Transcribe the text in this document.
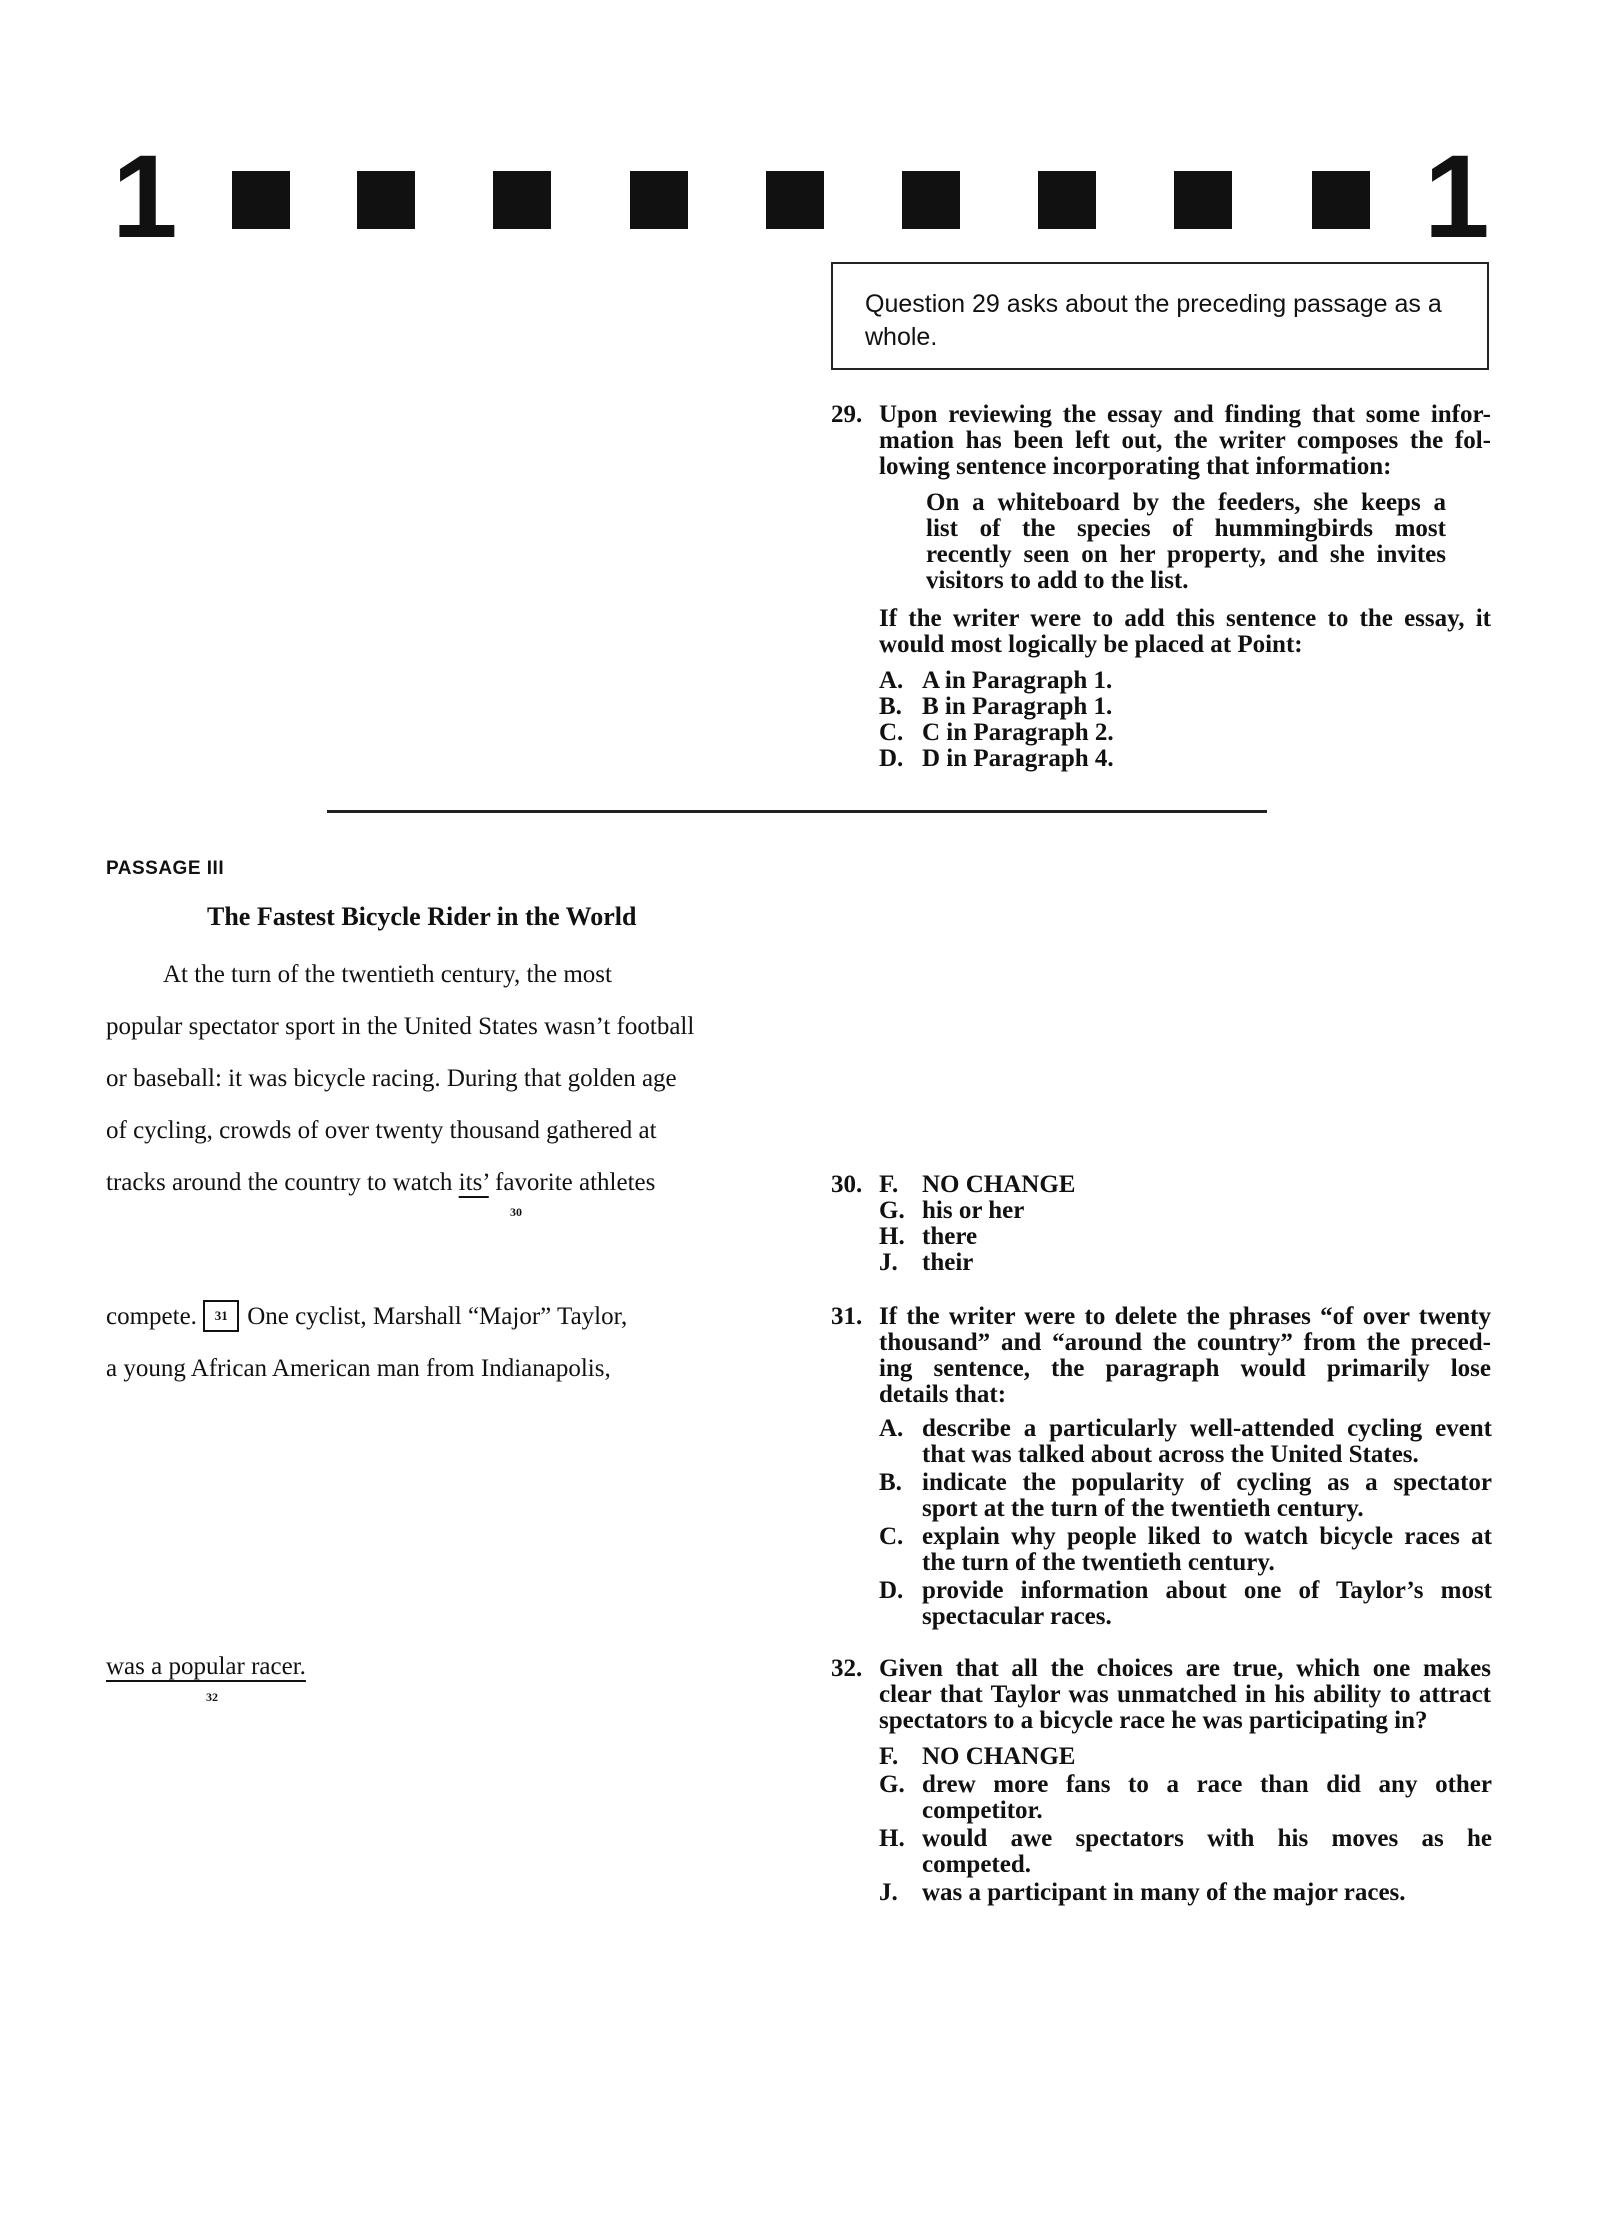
1	1
Question 29 asks about the preceding passage as a whole.
29. Upon reviewing the essay and finding that some infor-
mation has been left out, the writer composes the fol-
lowing sentence incorporating that information:
On a whiteboard by the feeders, she keeps a
list of the species of hummingbirds most
recently seen on her property, and she invites
visitors to add to the list.
If the writer were to add this sentence to the essay, it
would most logically be placed at Point:
A. A in Paragraph 1.
B. B in Paragraph 1.
C. C in Paragraph 2.
D. D in Paragraph 4.
PASSAGE III
The Fastest Bicycle Rider in the World
At the turn of the twentieth century, the most
popular spectator sport in the United States wasn’t football
or baseball: it was bicycle racing. During that golden age
of cycling, crowds of over twenty thousand gathered at
tracks around the country to watch its’ favorite athletes
30
compete. 31 One cyclist, Marshall “Major” Taylor,
a young African American man from Indianapolis,
was a popular racer.
32
30. F. NO CHANGE
G. his or her
H. there
J. their
31. If the writer were to delete the phrases “of over twenty
thousand” and “around the country” from the preced-
ing sentence, the paragraph would primarily lose
details that:
A. describe a particularly well-attended cycling event
that was talked about across the United States.
B. indicate the popularity of cycling as a spectator
sport at the turn of the twentieth century.
C. explain why people liked to watch bicycle races at
the turn of the twentieth century.
D. provide information about one of Taylor’s most
spectacular races.
32. Given that all the choices are true, which one makes
clear that Taylor was unmatched in his ability to attract
spectators to a bicycle race he was participating in?
F. NO CHANGE
G. drew more fans to a race than did any other
competitor.
H. would awe spectators with his moves as he
competed.
J. was a participant in many of the major races.
